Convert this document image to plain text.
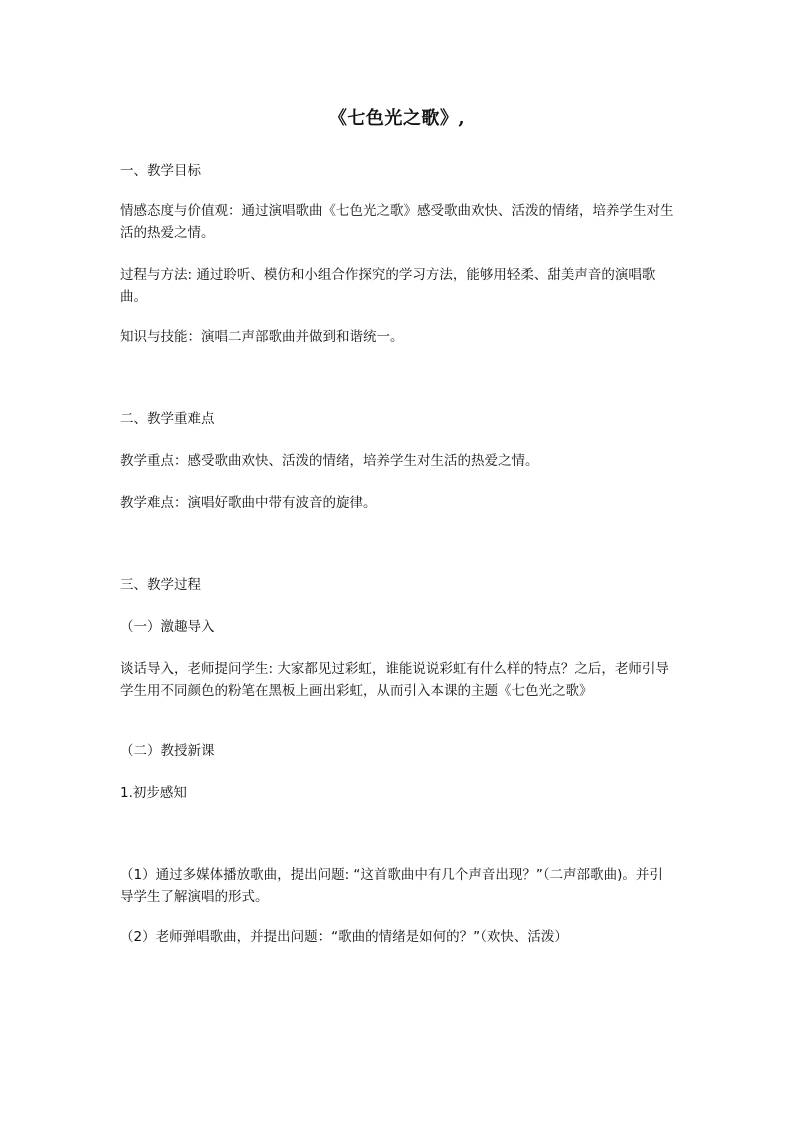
《七色光之歌》,

一、教学目标

情感态度与价值观：通过演唱歌曲《七色光之歌》感受歌曲欢快、活泼的情绪，培养学生对生活的热爱之情。

过程与方法: 通过聆听、模仿和小组合作探究的学习方法，能够用轻柔、甜美声音的演唱歌曲。

知识与技能：演唱二声部歌曲并做到和谐统一。

二、教学重难点

教学重点：感受歌曲欢快、活泼的情绪，培养学生对生活的热爱之情。

教学难点：演唱好歌曲中带有波音的旋律。

三、教学过程

（一）激趣导入

谈话导入，老师提问学生: 大家都见过彩虹，谁能说说彩虹有什么样的特点？之后，老师引导学生用不同颜色的粉笔在黑板上画出彩虹，从而引入本课的主题《七色光之歌》

（二）教授新课

1.初步感知

（1）通过多媒体播放歌曲，提出问题: “这首歌曲中有几个声音出现？”（二声部歌曲)。并引导学生了解演唱的形式。

（2）老师弹唱歌曲，并提出问题：“歌曲的情绪是如何的？”（欢快、活泼）
